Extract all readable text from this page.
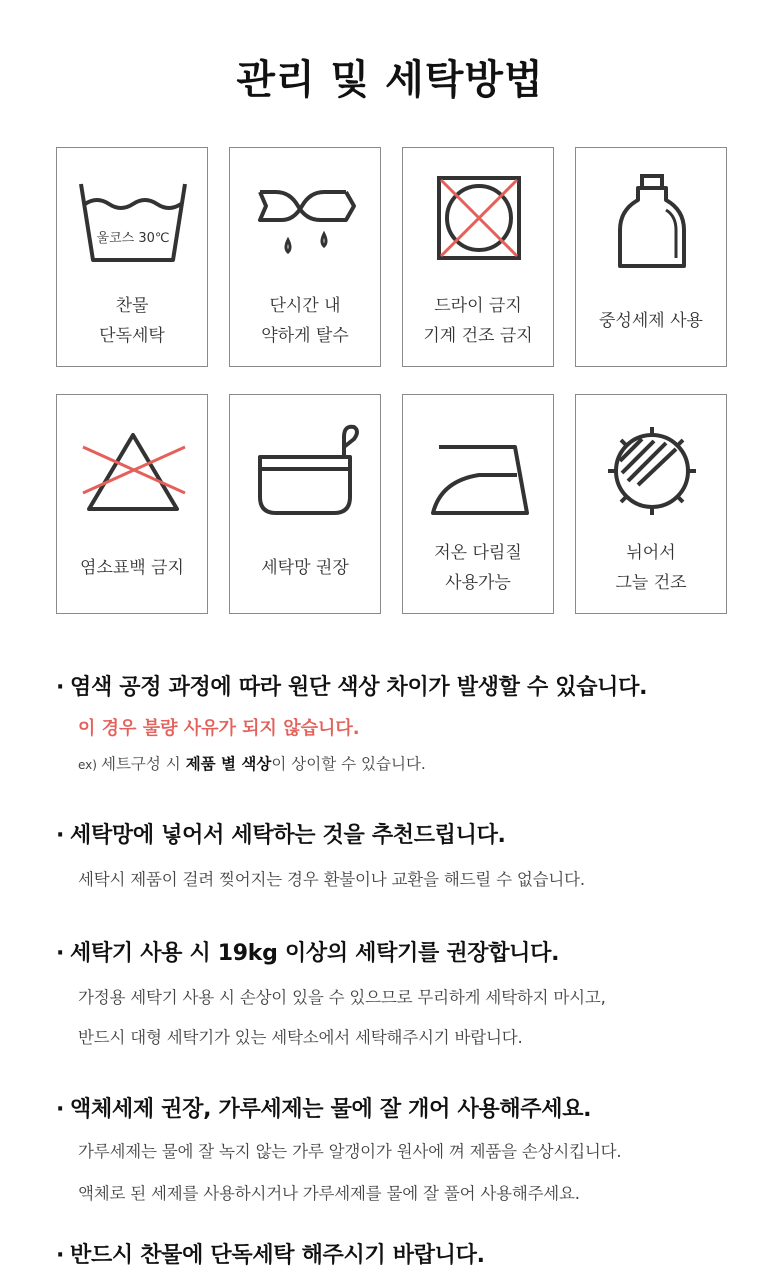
관리 및 세탁방법
울코스 30℃
찬물
단독세탁
단시간 내
약하게 탈수
드라이 금지
기계 건조 금지
중성세제 사용
염소표백 금지	세탁망 권장
저온 다림질
사용가능
뉘어서
그늘 건조
· 염색 공정 과정에 따라 원단 색상 차이가 발생할 수 있습니다.
이 경우 불량 사유가 되지 않습니다.
ex) 세트구성 시 제품 별 색상이 상이할 수 있습니다.
· 세탁망에 넣어서 세탁하는 것을 추천드립니다.
세탁시 제품이 걸려 찢어지는 경우 환불이나 교환을 해드릴 수 없습니다.
· 세탁기 사용 시 19kg 이상의 세탁기를 권장합니다.
가정용 세탁기 사용 시 손상이 있을 수 있으므로 무리하게 세탁하지 마시고,
반드시 대형 세탁기가 있는 세탁소에서 세탁해주시기 바랍니다.
· 액체세제 권장, 가루세제는 물에 잘 개어 사용해주세요.
가루세제는 물에 잘 녹지 않는 가루 알갱이가 원사에 껴 제품을 손상시킵니다.
액체로 된 세제를 사용하시거나 가루세제를 물에 잘 풀어 사용해주세요.
· 반드시 찬물에 단독세탁 해주시기 바랍니다.
